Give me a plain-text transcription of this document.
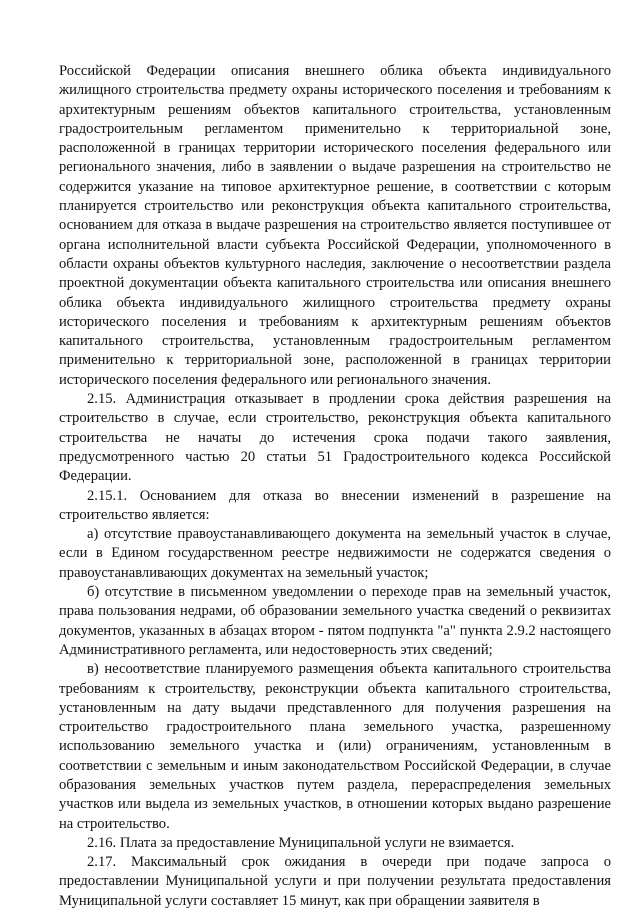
Российской Федерации описания внешнего облика объекта индивидуального жилищного строительства предмету охраны исторического поселения и требованиям к архитектурным решениям объектов капитального строительства, установленным градостроительным регламентом применительно к территориальной зоне, расположенной в границах территории исторического поселения федерального или регионального значения, либо в заявлении о выдаче разрешения на строительство не содержится указание на типовое архитектурное решение, в соответствии с которым планируется строительство или реконструкция объекта капитального строительства, основанием для отказа в выдаче разрешения на строительство является поступившее от органа исполнительной власти субъекта Российской Федерации, уполномоченного в области охраны объектов культурного наследия, заключение о несоответствии раздела проектной документации объекта капитального строительства или описания внешнего облика объекта индивидуального жилищного строительства предмету охраны исторического поселения и требованиям к архитектурным решениям объектов капитального строительства, установленным градостроительным регламентом применительно к территориальной зоне, расположенной в границах территории исторического поселения федерального или регионального значения.

2.15. Администрация отказывает в продлении срока действия разрешения на строительство в случае, если строительство, реконструкция объекта капитального строительства не начаты до истечения срока подачи такого заявления, предусмотренного частью 20 статьи 51 Градостроительного кодекса Российской Федерации.

2.15.1. Основанием для отказа во внесении изменений в разрешение на строительство является:

а) отсутствие правоустанавливающего документа на земельный участок в случае, если в Едином государственном реестре недвижимости не содержатся сведения о правоустанавливающих документах на земельный участок;

б) отсутствие в письменном уведомлении о переходе прав на земельный участок, права пользования недрами, об образовании земельного участка сведений о реквизитах документов, указанных в абзацах втором - пятом подпункта "а" пункта 2.9.2 настоящего Административного регламента, или недостоверность этих сведений;

в) несоответствие планируемого размещения объекта капитального строительства требованиям к строительству, реконструкции объекта капитального строительства, установленным на дату выдачи представленного для получения разрешения на строительство градостроительного плана земельного участка, разрешенному использованию земельного участка и (или) ограничениям, установленным в соответствии с земельным и иным законодательством Российской Федерации, в случае образования земельных участков путем раздела, перераспределения земельных участков или выдела из земельных участков, в отношении которых выдано разрешение на строительство.

2.16. Плата за предоставление Муниципальной услуги не взимается.

2.17. Максимальный срок ожидания в очереди при подаче запроса о предоставлении Муниципальной услуги и при получении результата предоставления Муниципальной услуги составляет 15 минут, как при обращении заявителя в
